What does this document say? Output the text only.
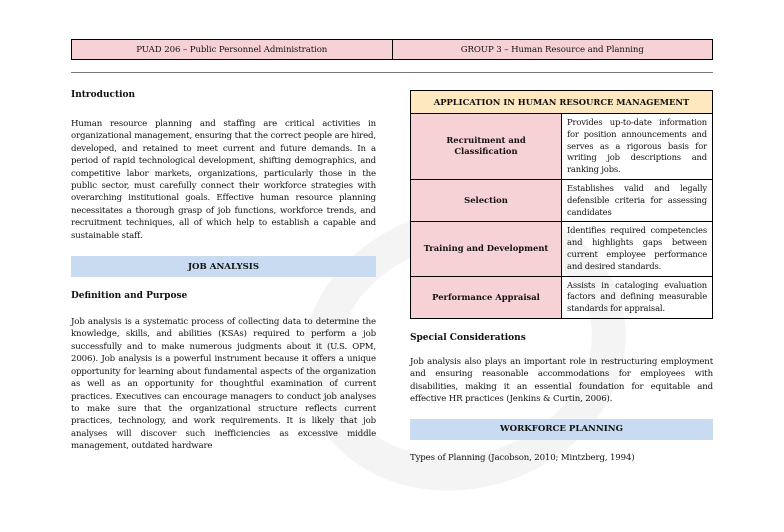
PUAD 206 – Public Personnel Administration	GROUP 3 – Human Resource and Planning
Introduction

Human resource planning and staffing are critical activities in organizational management, ensuring that the correct people are hired, developed, and retained to meet current and future demands. In a period of rapid technological development, shifting demographics, and competitive labor markets, organizations, particularly those in the public sector, must carefully connect their workforce strategies with overarching institutional goals. Effective human resource planning necessitates a thorough grasp of job functions, workforce trends, and recruitment techniques, all of which help to establish a capable and sustainable staff.

JOB ANALYSIS
Definition and Purpose

Job analysis is a systematic process of collecting data to determine the knowledge, skills, and abilities (KSAs) required to perform a job successfully and to make numerous judgments about it (U.S. OPM, 2006). Job analysis is a powerful instrument because it offers a unique opportunity for learning about fundamental aspects of the organization as well as an opportunity for thoughtful examination of current practices. Executives can encourage managers to conduct job analyses to make sure that the organizational structure reflects current practices, technology, and work requirements. It is likely that job analyses will discover such inefficiencies as excessive middle management, outdated hardware

APPLICATION IN HUMAN RESOURCE MANAGEMENT	
Recruitment and Classification	Provides up-to-date information for position announcements and serves as a rigorous basis for writing job descriptions and ranking jobs.
Selection	Establishes valid and legally defensible criteria for assessing candidates
Training and Development	Identifies required competencies and highlights gaps between current employee performance and desired standards.
Performance Appraisal	Assists in cataloging evaluation factors and defining measurable standards for appraisal.
Special Considerations

Job analysis also plays an important role in restructuring employment and ensuring reasonable accommodations for employees with disabilities, making it an essential foundation for equitable and effective HR practices (Jenkins & Curtin, 2006).

WORKFORCE PLANNING

Types of Planning (Jacobson, 2010; Mintzberg, 1994)
